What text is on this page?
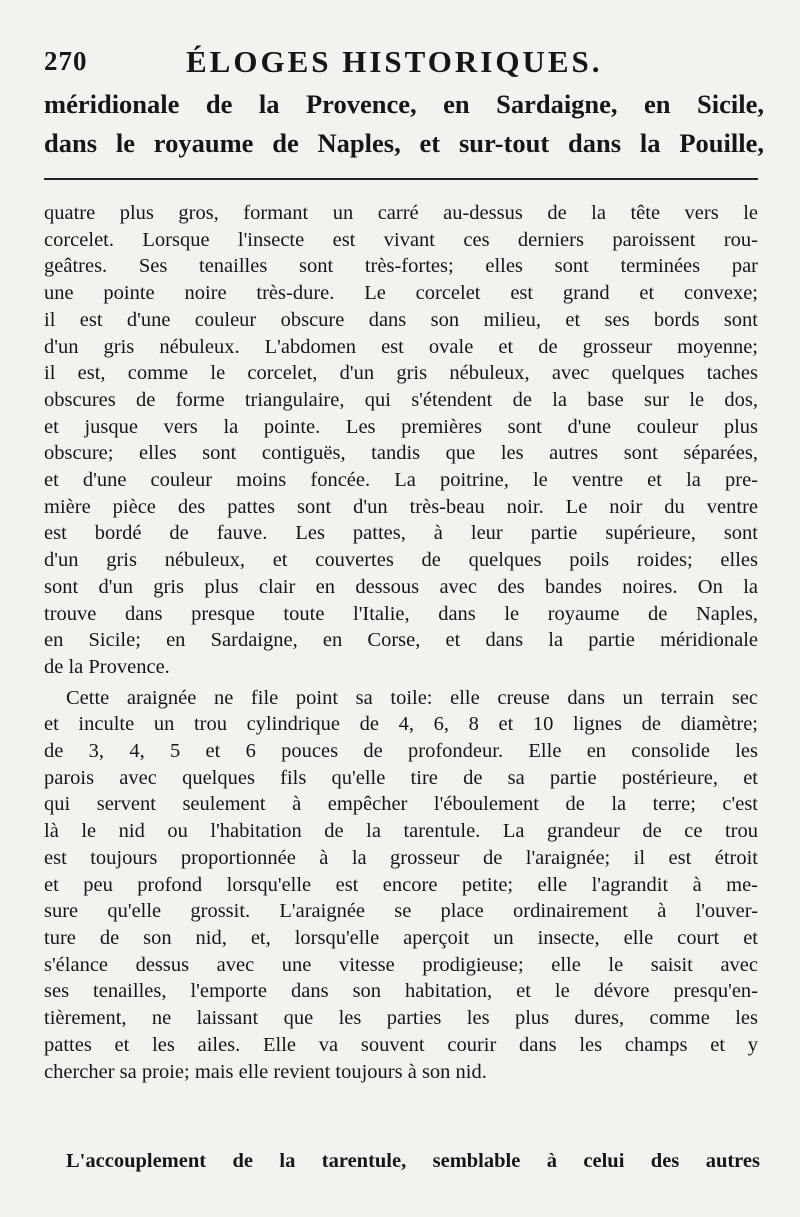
270	ÉLOGES HISTORIQUES.
méridionale de la Provence, en Sardaigne, en Sicile,
dans le royaume de Naples, et sur-tout dans la Pouille,
quatre plus gros, formant un carré au-dessus de la tête vers le
corcelet. Lorsque l'insecte est vivant ces derniers paroissent rou-
geâtres. Ses tenailles sont très-fortes; elles sont terminées par
une pointe noire très-dure. Le corcelet est grand et convexe;
il est d'une couleur obscure dans son milieu, et ses bords sont
d'un gris nébuleux. L'abdomen est ovale et de grosseur moyenne;
il est, comme le corcelet, d'un gris nébuleux, avec quelques taches
obscures de forme triangulaire, qui s'étendent de la base sur le dos,
et jusque vers la pointe. Les premières sont d'une couleur plus
obscure; elles sont contiguës, tandis que les autres sont séparées,
et d'une couleur moins foncée. La poitrine, le ventre et la pre-
mière pièce des pattes sont d'un très-beau noir. Le noir du ventre
est bordé de fauve. Les pattes, à leur partie supérieure, sont
d'un gris nébuleux, et couvertes de quelques poils roides; elles
sont d'un gris plus clair en dessous avec des bandes noires. On la
trouve dans presque toute l'Italie, dans le royaume de Naples,
en Sicile; en Sardaigne, en Corse, et dans la partie méridionale
de la Provence.
Cette araignée ne file point sa toile: elle creuse dans un terrain sec
et inculte un trou cylindrique de 4, 6, 8 et 10 lignes de diamètre;
de 3, 4, 5 et 6 pouces de profondeur. Elle en consolide les
parois avec quelques fils qu'elle tire de sa partie postérieure, et
qui servent seulement à empêcher l'éboulement de la terre; c'est
là le nid ou l'habitation de la tarentule. La grandeur de ce trou
est toujours proportionnée à la grosseur de l'araignée; il est étroit
et peu profond lorsqu'elle est encore petite; elle l'agrandit à me-
sure qu'elle grossit. L'araignée se place ordinairement à l'ouver-
ture de son nid, et, lorsqu'elle aperçoit un insecte, elle court et
s'élance dessus avec une vitesse prodigieuse; elle le saisit avec
ses tenailles, l'emporte dans son habitation, et le dévore presqu'en-
tièrement, ne laissant que les parties les plus dures, comme les
pattes et les ailes. Elle va souvent courir dans les champs et y
chercher sa proie; mais elle revient toujours à son nid.
L'accouplement de la tarentule, semblable à celui des autres
